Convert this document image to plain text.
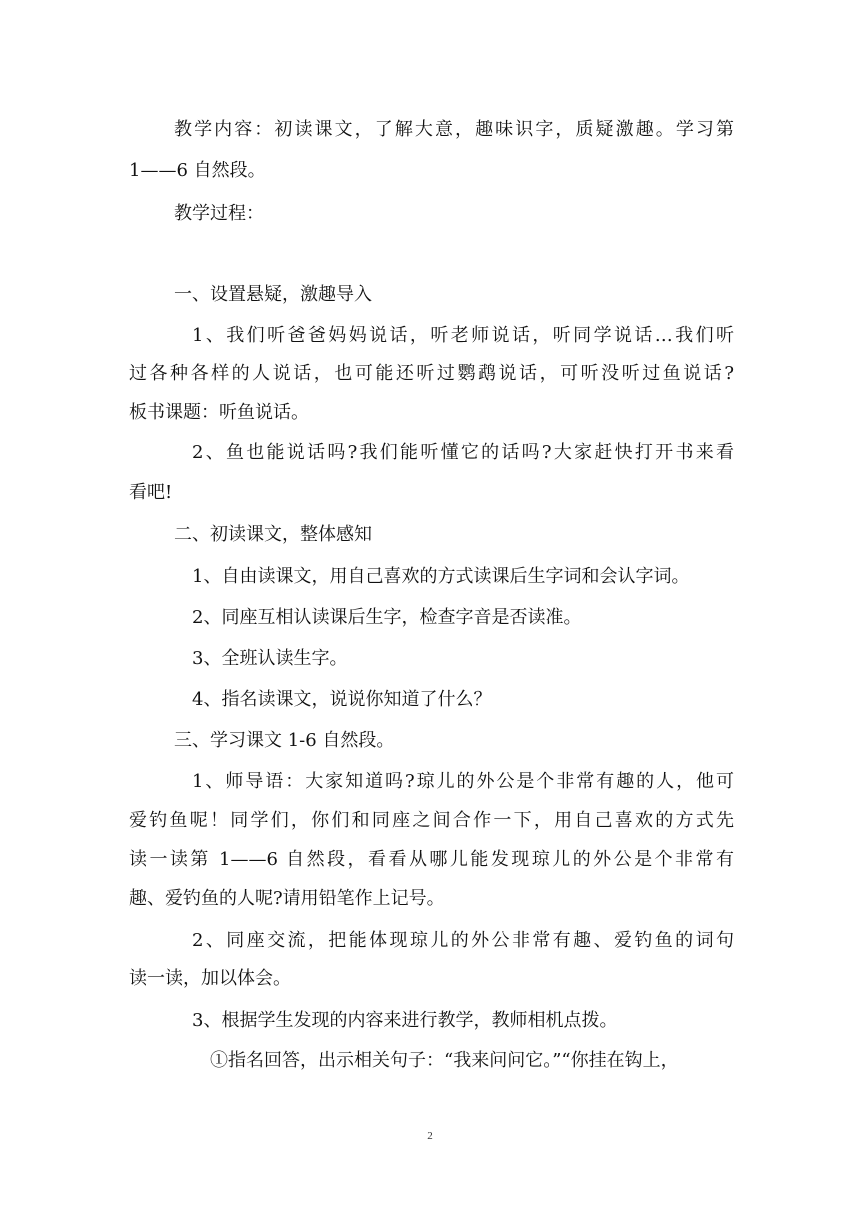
教学内容：初读课文，了解大意，趣味识字，质疑激趣。学习第
1——6 自然段。
教学过程：
一、设置悬疑，激趣导入
1、我们听爸爸妈妈说话，听老师说话，听同学说话…我们听
过各种各样的人说话，也可能还听过鹦鹉说话，可听没听过鱼说话?
板书课题：听鱼说话。
2、鱼也能说话吗?我们能听懂它的话吗?大家赶快打开书来看
看吧!
二、初读课文，整体感知
1、自由读课文，用自己喜欢的方式读课后生字词和会认字词。
2、同座互相认读课后生字，检查字音是否读准。
3、全班认读生字。
4、指名读课文，说说你知道了什么？
三、学习课文 1-6 自然段。
1、师导语：大家知道吗?琼儿的外公是个非常有趣的人，他可
爱钓鱼呢！同学们，你们和同座之间合作一下，用自己喜欢的方式先
读一读第 1——6 自然段，看看从哪儿能发现琼儿的外公是个非常有
趣、爱钓鱼的人呢?请用铅笔作上记号。
2、同座交流，把能体现琼儿的外公非常有趣、爱钓鱼的词句
读一读，加以体会。
3、根据学生发现的内容来进行教学，教师相机点拨。
①指名回答，出示相关句子：“我来问问它。”“你挂在钩上，
2
